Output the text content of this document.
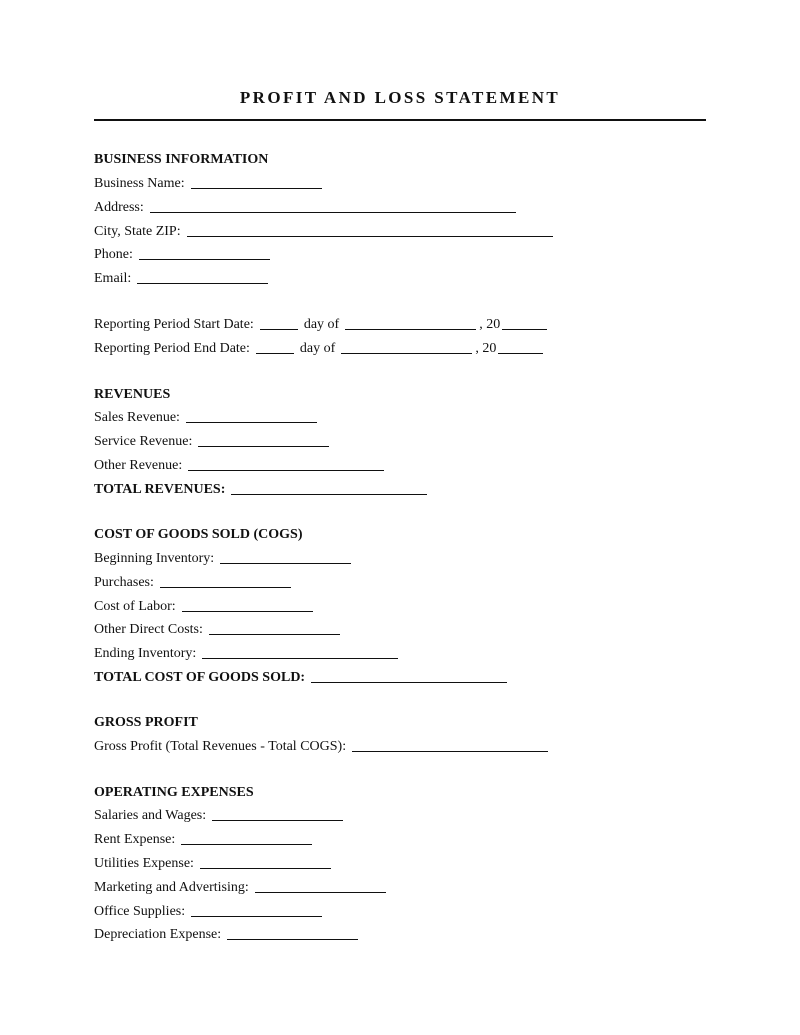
PROFIT AND LOSS STATEMENT
BUSINESS INFORMATION
Business Name:
Address:
City, State ZIP:
Phone:
Email:
Reporting Period Start Date:	day of	, 20
Reporting Period End Date:	day of	, 20
REVENUES
Sales Revenue:
Service Revenue:
Other Revenue:
TOTAL REVENUES:
COST OF GOODS SOLD (COGS)
Beginning Inventory:
Purchases:
Cost of Labor:
Other Direct Costs:
Ending Inventory:
TOTAL COST OF GOODS SOLD:
GROSS PROFIT
Gross Profit (Total Revenues - Total COGS):
OPERATING EXPENSES
Salaries and Wages:
Rent Expense:
Utilities Expense:
Marketing and Advertising:
Office Supplies:
Depreciation Expense:
